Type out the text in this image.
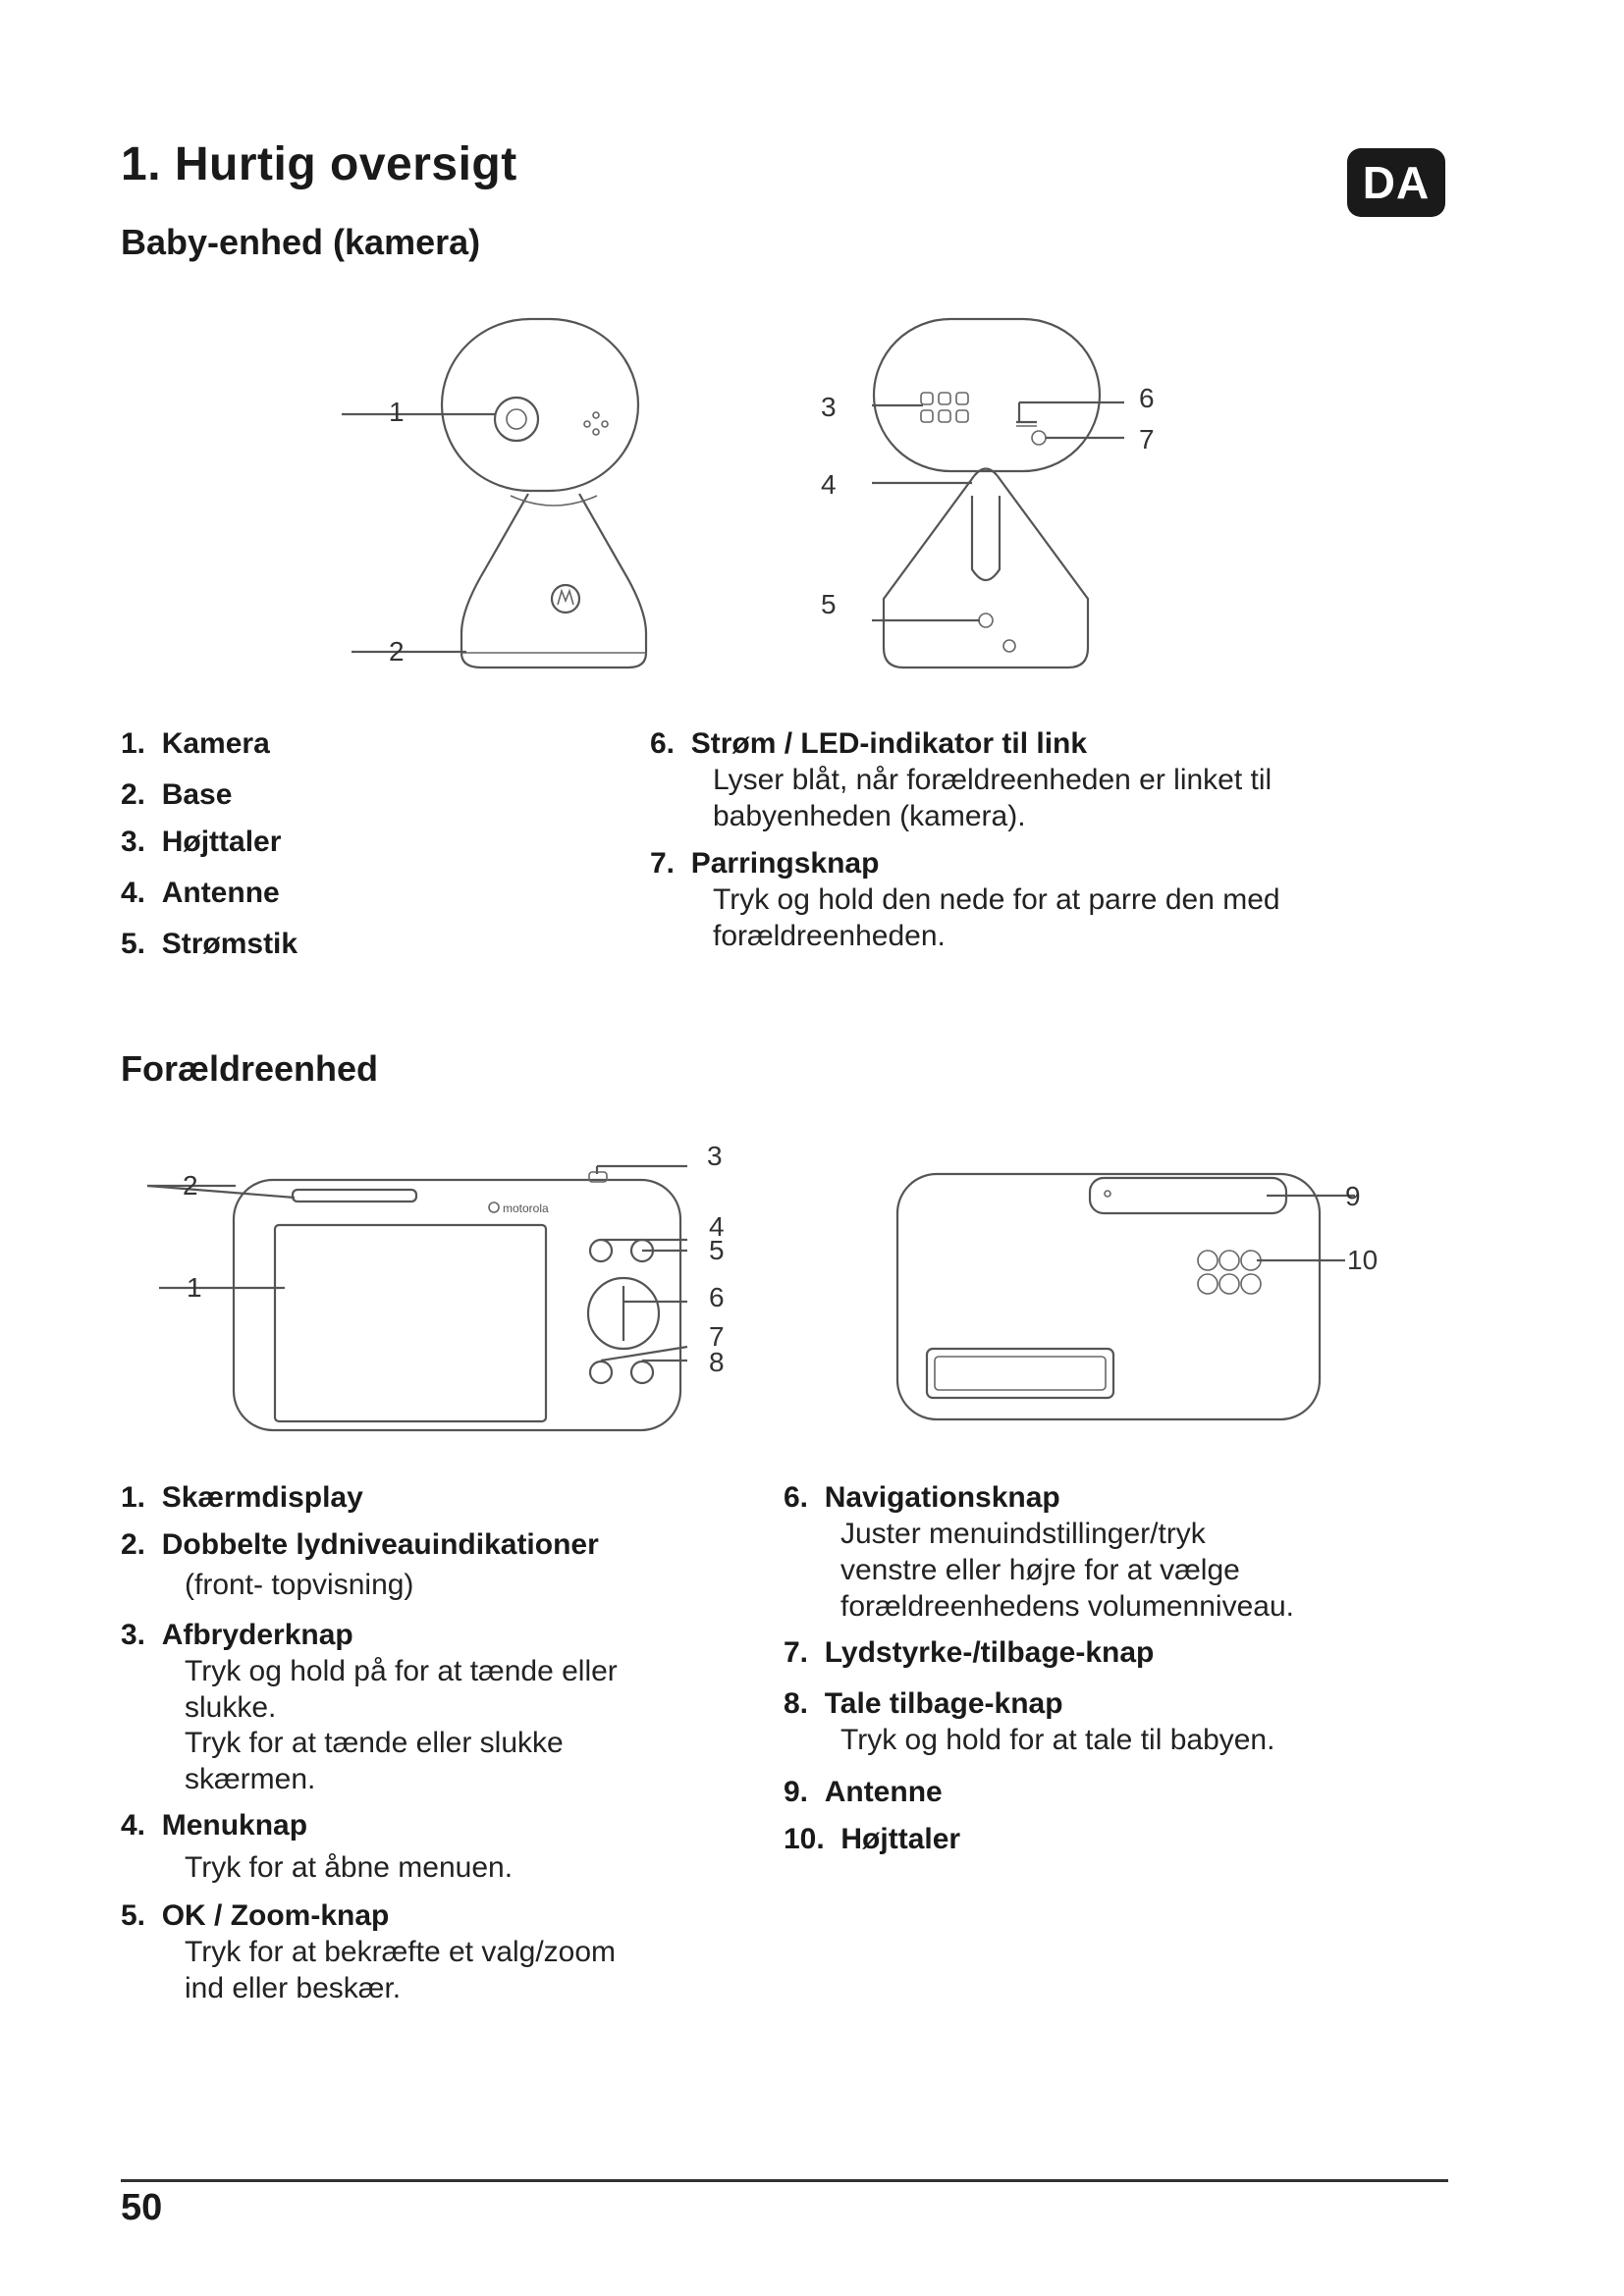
1. Hurtig oversigt	DA
Baby-enhed (kamera)
1
2
3
4
5
6
7
1. Kamera
2. Base
3. Højttaler
4. Antenne
5. Strømstik
6. Strøm / LED-indikator til link
Lyser blåt, når forældreenheden er linket til
babyenheden (kamera).
7. Parringsknap
Tryk og hold den nede for at parre den med
forældreenheden.
Forældreenhed
motorola
2
1
3
4
5
6
7
8
9
10
1. Skærmdisplay
2. Dobbelte lydniveauindikationer
(front- topvisning)
3. Afbryderknap
Tryk og hold på for at tænde eller
slukke.
Tryk for at tænde eller slukke
skærmen.
4. Menuknap
Tryk for at åbne menuen.
5. OK / Zoom-knap
Tryk for at bekræfte et valg/zoom
ind eller beskær.
6. Navigationsknap
Juster menuindstillinger/tryk
venstre eller højre for at vælge
forældreenhedens volumenniveau.
7. Lydstyrke-/tilbage-knap
8. Tale tilbage-knap
Tryk og hold for at tale til babyen.
9. Antenne
10. Højttaler
50
